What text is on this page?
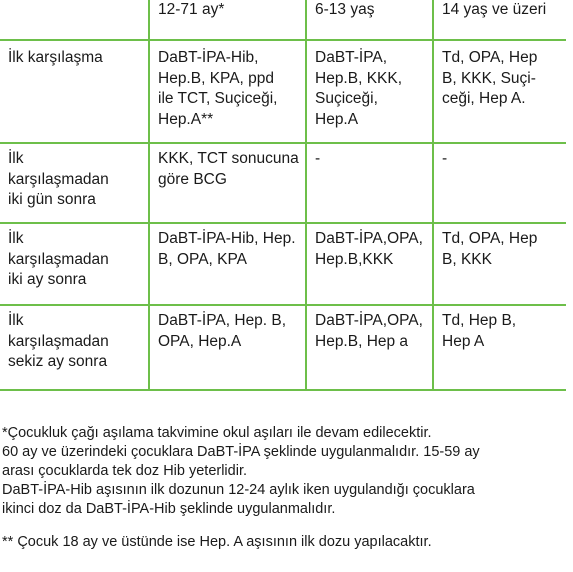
	12-71 ay*	6-13 yaş	14 yaş ve üzeri

İlk karşılaşma	DaBT-İPA-Hib,
Hep.B, KPA, ppd
ile TCT, Suçiceği,
Hep.A**	DaBT-İPA,
Hep.B, KKK,
Suçiceği,
Hep.A	Td, OPA, Hep
B, KKK, Suçi-
ceği, Hep A.

İlk
karşılaşmadan
iki gün sonra	KKK, TCT sonucuna
göre BCG	-	-

İlk
karşılaşmadan
iki ay sonra	DaBT-İPA-Hib, Hep.
B, OPA, KPA	DaBT-İPA,OPA,
Hep.B,KKK	Td, OPA, Hep
B, KKK

İlk
karşılaşmadan
sekiz ay sonra	DaBT-İPA, Hep. B,
OPA, Hep.A	DaBT-İPA,OPA,
Hep.B, Hep a	Td, Hep B,
Hep A

*Çocukluk çağı aşılama takvimine okul aşıları ile devam edilecektir.

60 ay ve üzerindeki çocuklara DaBT-İPA şeklinde uygulanmalıdır. 15-59 ay

arası çocuklarda tek doz Hib yeterlidir.

DaBT-İPA-Hib aşısının ilk dozunun 12-24 aylık iken uygulandığı çocuklara

ikinci doz da DaBT-İPA-Hib şeklinde uygulanmalıdır.

** Çocuk 18 ay ve üstünde ise Hep. A aşısının ilk dozu yapılacaktır.
